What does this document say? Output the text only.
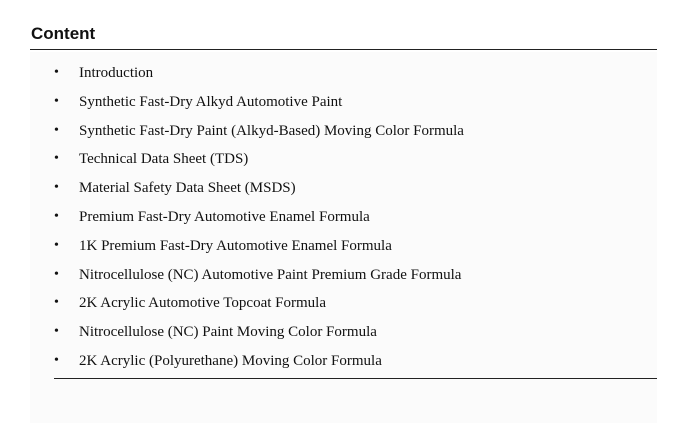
Content
•	Introduction
•	Synthetic Fast-Dry Alkyd Automotive Paint
•	Synthetic Fast-Dry Paint (Alkyd-Based) Moving Color Formula
•	Technical Data Sheet (TDS)
•	Material Safety Data Sheet (MSDS)
•	Premium Fast-Dry Automotive Enamel Formula
•	1K Premium Fast-Dry Automotive Enamel Formula
•	Nitrocellulose (NC) Automotive Paint Premium Grade Formula
•	2K Acrylic Automotive Topcoat Formula
•	Nitrocellulose (NC) Paint Moving Color Formula
•	2K Acrylic (Polyurethane) Moving Color Formula
